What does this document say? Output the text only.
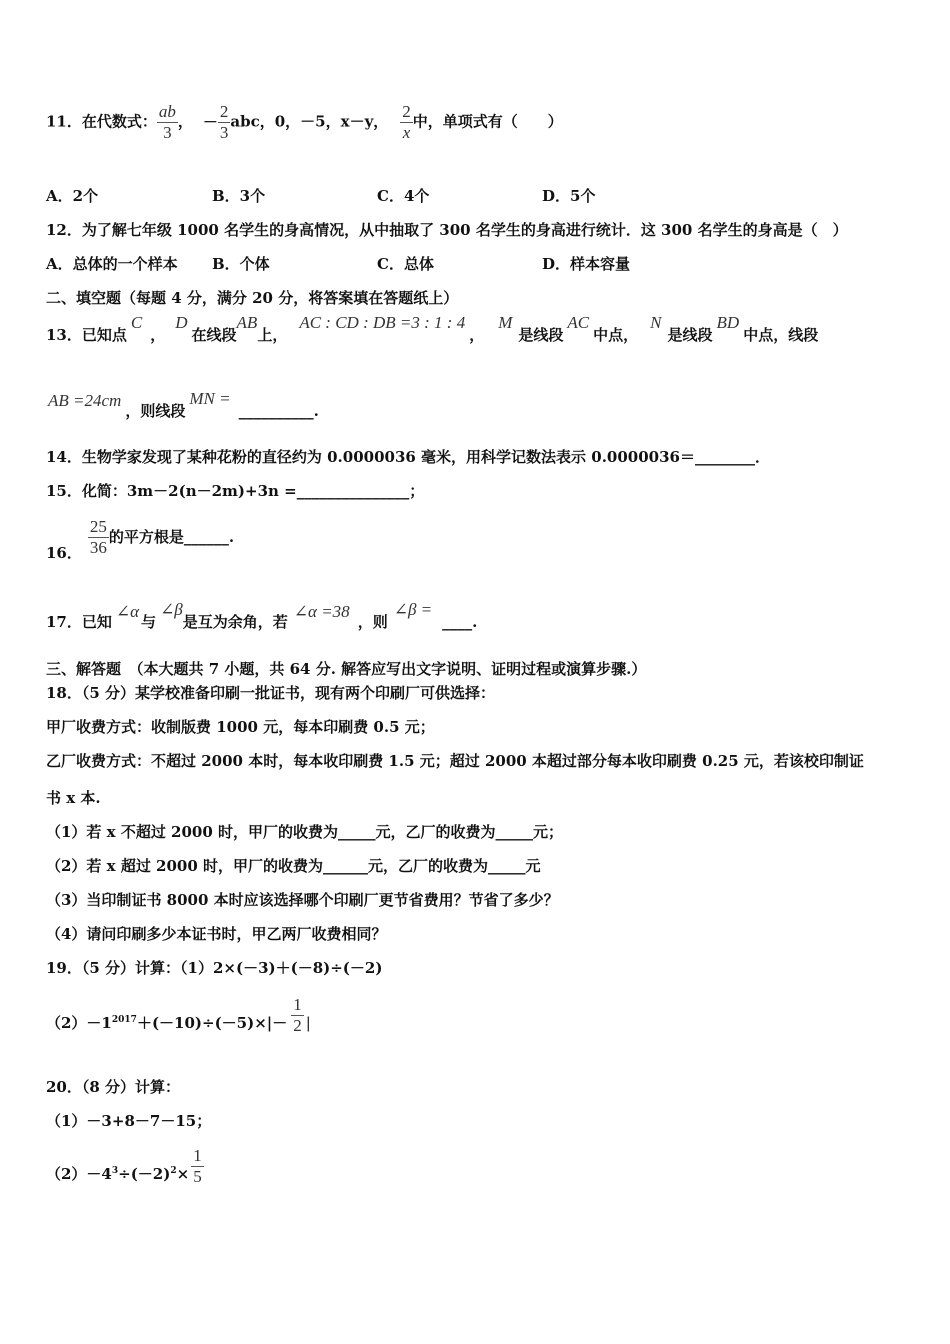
11．在代数式： $\frac{ab}{3}$ ， － $\frac{2}{3}$ abc，0，－5，x－y， $\frac{2}{x}$ 中，单项式有（　　）
A．2个	B．3个	C．4个	D．5个
12．为了解七年级 1000 名学生的身高情况，从中抽取了 300 名学生的身高进行统计．这 300 名学生的身高是（　）
A．总体的一个样本 B．个体	C．总体	D．样本容量
二、填空题（每题 4 分，满分 20 分，将答案填在答题纸上）
13．已知点C，D在线段AB上，AC : CD : DB =3 : 1 : 4，M是线段AC中点，N是线段BD中点，线段
AB =24cm，则线段MN =__________.
14．生物学家发现了某种花粉的直径约为 0.0000036 毫米，用科学记数法表示 0.0000036＝________．
15．化简：3m－2(n－2m)+3n =_______________；
16． $\frac{25}{36}$ 的平方根是______.
17．已知∠α与∠β是互为余角，若∠α =38，则∠β =____.
三、解答题　（本大题共 7 小题，共 64 分. 解答应写出文字说明、证明过程或演算步骤.）
18．（5 分）某学校准备印刷一批证书，现有两个印刷厂可供选择：
甲厂收费方式：收制版费 1000 元，每本印刷费 0.5 元；
乙厂收费方式：不超过 2000 本时，每本收印刷费 1.5 元；超过 2000 本超过部分每本收印刷费 0.25 元，若该校印制证
书 x 本.
（1）若 x 不超过 2000 时，甲厂的收费为_____元，乙厂的收费为_____元；
（2）若 x 超过 2000 时，甲厂的收费为______元，乙厂的收费为_____元
（3）当印制证书 8000 本时应该选择哪个印刷厂更节省费用？节省了多少？
（4）请问印刷多少本证书时，甲乙两厂收费相同？
19．（5 分）计算：（1）2×(－3)＋(－8)÷(－2)
$(2)-1^{2017}+(-10)\div(-5)\times|- \frac{1}{2}$ |
20．（8 分）计算：
（1）－3+8－7－15；
$(2)-4^3\div(-2)^2\times \frac{1}{5}$
